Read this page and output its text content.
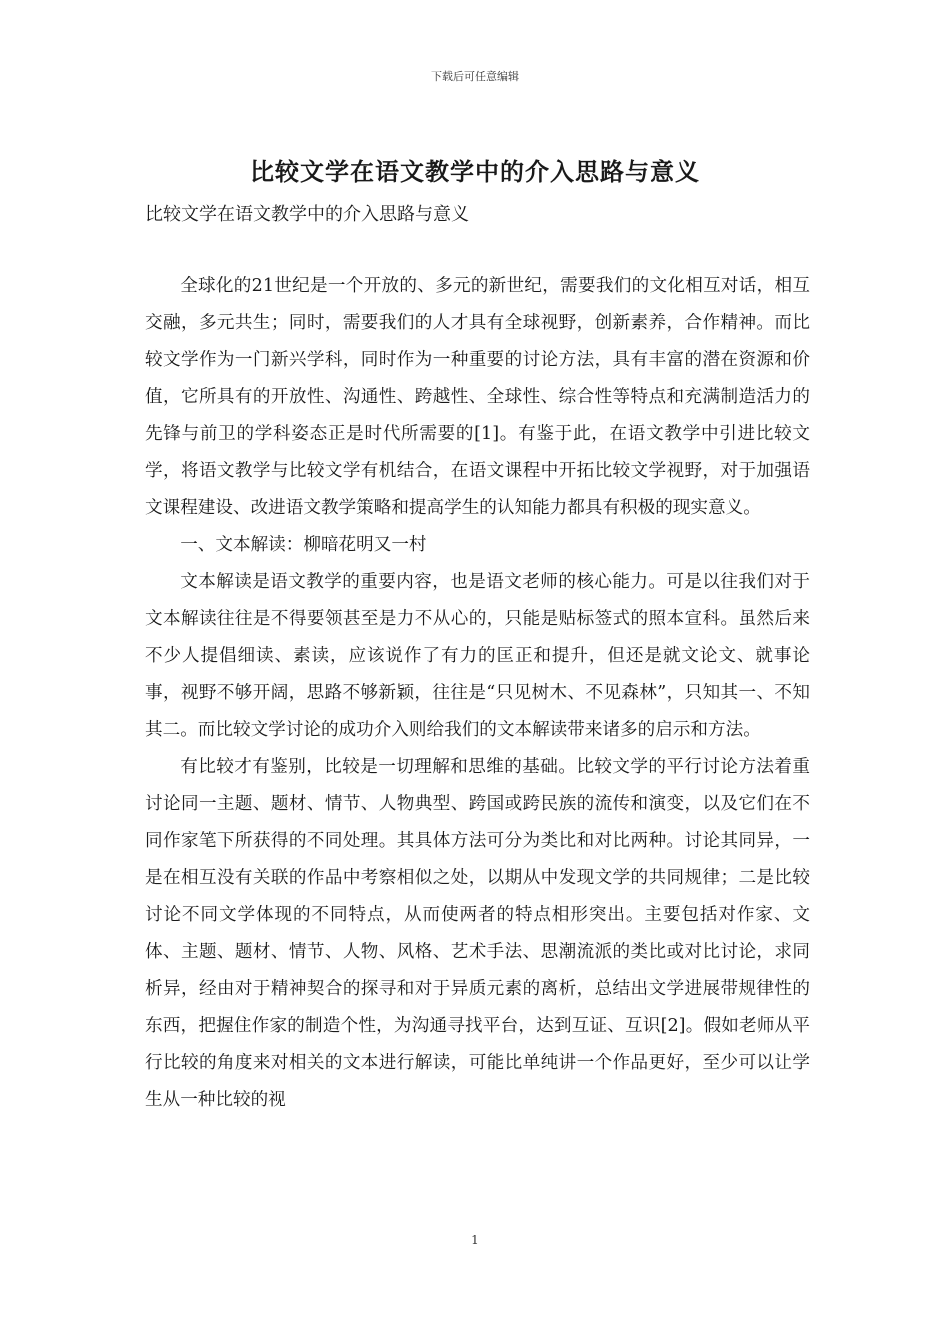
下载后可任意编辑
比较文学在语文教学中的介入思路与意义

比较文学在语文教学中的介入思路与意义

全球化的21世纪是一个开放的、多元的新世纪，需要我们的文化相互对话，相互交融，多元共生；同时，需要我们的人才具有全球视野，创新素养，合作精神。而比较文学作为一门新兴学科，同时作为一种重要的讨论方法，具有丰富的潜在资源和价值，它所具有的开放性、沟通性、跨越性、全球性、综合性等特点和充满制造活力的先锋与前卫的学科姿态正是时代所需要的[1]。有鉴于此，在语文教学中引进比较文学，将语文教学与比较文学有机结合，在语文课程中开拓比较文学视野，对于加强语文课程建设、改进语文教学策略和提高学生的认知能力都具有积极的现实意义。

一、文本解读：柳暗花明又一村

文本解读是语文教学的重要内容，也是语文老师的核心能力。可是以往我们对于文本解读往往是不得要领甚至是力不从心的，只能是贴标签式的照本宣科。虽然后来不少人提倡细读、素读，应该说作了有力的匡正和提升，但还是就文论文、就事论事，视野不够开阔，思路不够新颖，往往是“只见树木、不见森林”，只知其一、不知其二。而比较文学讨论的成功介入则给我们的文本解读带来诸多的启示和方法。

有比较才有鉴别，比较是一切理解和思维的基础。比较文学的平行讨论方法着重讨论同一主题、题材、情节、人物典型、跨国或跨民族的流传和演变，以及它们在不同作家笔下所获得的不同处理。其具体方法可分为类比和对比两种。讨论其同异，一是在相互没有关联的作品中考察相似之处，以期从中发现文学的共同规律；二是比较讨论不同文学体现的不同特点，从而使两者的特点相形突出。主要包括对作家、文体、主题、题材、情节、人物、风格、艺术手法、思潮流派的类比或对比讨论，求同析异，经由对于精神契合的探寻和对于异质元素的离析，总结出文学进展带规律性的东西，把握住作家的制造个性，为沟通寻找平台，达到互证、互识[2]。假如老师从平行比较的角度来对相关的文本进行解读，可能比单纯讲一个作品更好，至少可以让学生从一种比较的视

1
